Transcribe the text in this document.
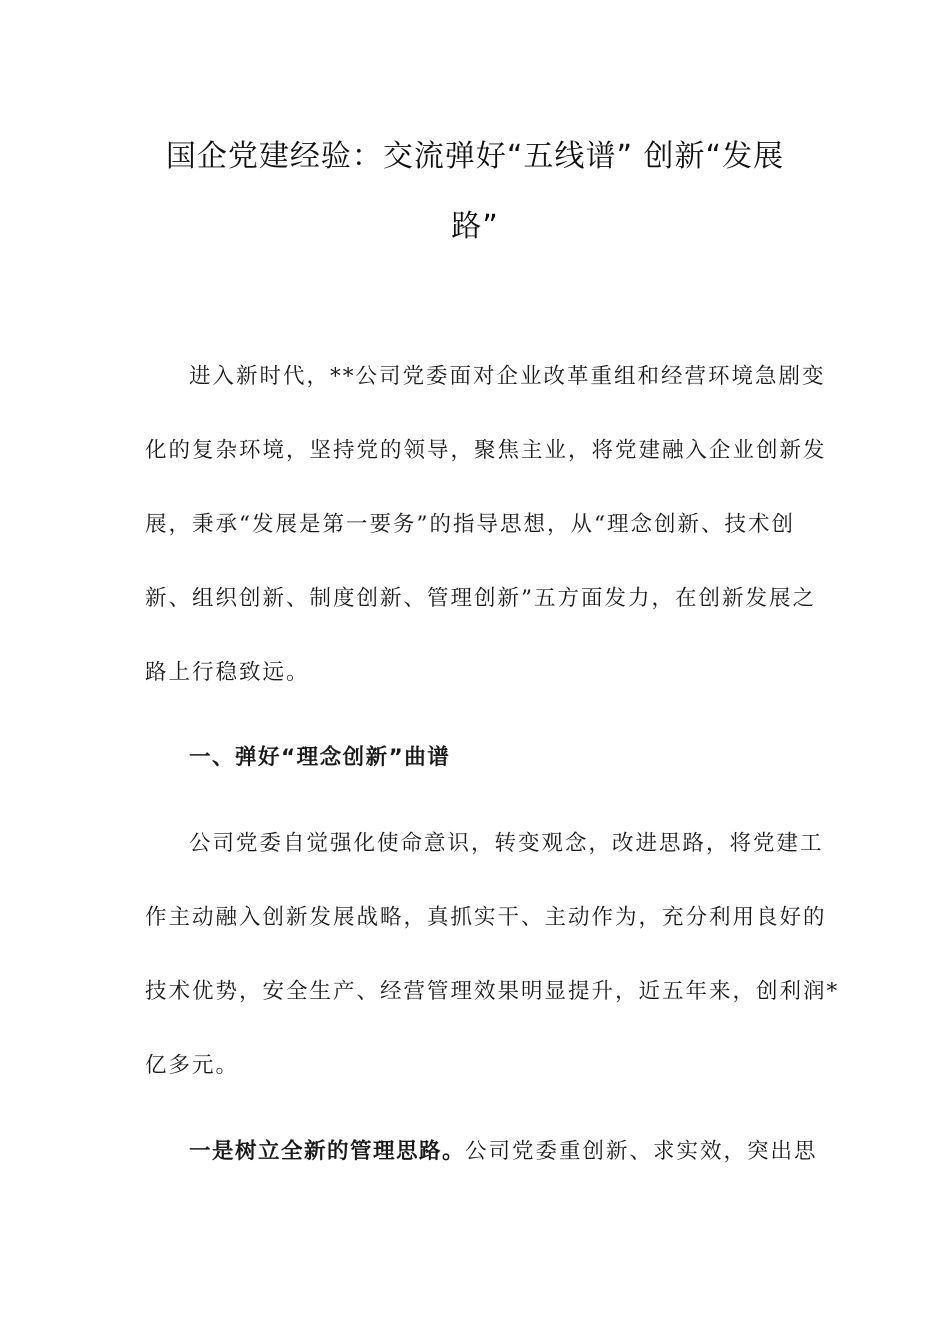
国企党建经验：交流弹好“五线谱” 创新“发展
路”
进入新时代，**公司党委面对企业改革重组和经营环境急剧变
化的复杂环境，坚持党的领导，聚焦主业，将党建融入企业创新发
展，秉承“发展是第一要务”的指导思想，从“理念创新、技术创
新、组织创新、制度创新、管理创新”五方面发力，在创新发展之
路上行稳致远。
一、弹好“理念创新”曲谱
公司党委自觉强化使命意识，转变观念，改进思路，将党建工
作主动融入创新发展战略，真抓实干、主动作为，充分利用良好的
技术优势，安全生产、经营管理效果明显提升，近五年来，创利润*
亿多元。
一是树立全新的管理思路。公司党委重创新、求实效，突出思
